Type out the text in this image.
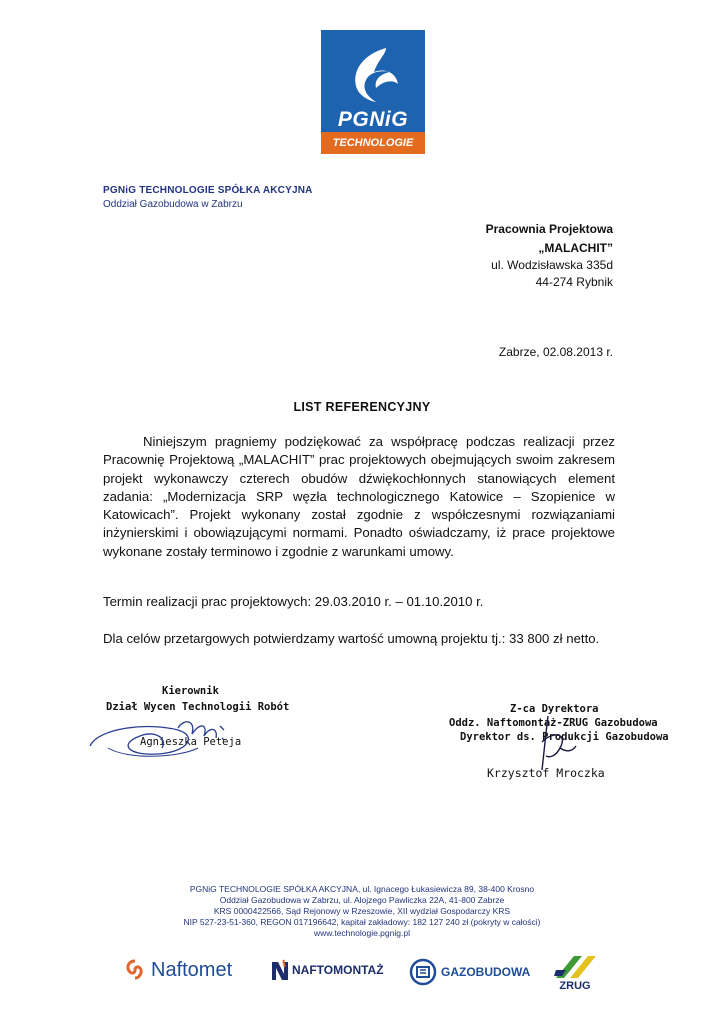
PGNiG
TECHNOLOGIE
PGNiG TECHNOLOGIE SPÓŁKA AKCYJNA
Oddział Gazobudowa w Zabrzu
Pracownia Projektowa
„MALACHIT”
ul. Wodzisławska 335d
44-274 Rybnik
Zabrze, 02.08.2013 r.
LIST REFERENCYJNY

Niniejszym pragniemy podziękować za współpracę podczas realizacji przez Pracownię Projektową „MALACHIT” prac projektowych obejmujących swoim zakresem projekt wykonawczy czterech obudów dźwiękochłonnych stanowiących element zadania: „Modernizacja SRP węzła technologicznego Katowice – Szopienice w Katowicach”. Projekt wykonany został zgodnie z współczesnymi rozwiązaniami inżynierskimi i obowiązującymi normami. Ponadto oświadczamy, iż prace projektowe wykonane zostały terminowo i zgodnie z warunkami umowy.

Termin realizacji prac projektowych: 29.03.2010 r. – 01.10.2010 r.
Dla celów przetargowych potwierdzamy wartość umowną projektu tj.: 33 800 zł netto.
Kierownik
Dział Wycen Technologii Robót
Agnieszka Peteja
Z-ca Dyrektora
Oddz. Naftomontaż-ZRUG Gazobudowa
Dyrektor ds. Produkcji Gazobudowa
Krzysztof Mroczka
PGNiG TECHNOLOGIE SPÓŁKA AKCYJNA, ul. Ignacego Łukasiewicza 89, 38-400 Krosno
Oddział Gazobudowa w Zabrzu, ul. Alojzego Pawliczka 22A, 41-800 Zabrze
KRS 0000422566, Sąd Rejonowy w Rzeszowie, XII wydział Gospodarczy KRS
NIP 527-23-51-360, REGON 017196642, kapitał zakładowy: 182 127 240 zł (pokryty w całości)
www.technologie.pgnig.pl
Naftomet	NAFTOMONTAŻ	GAZOBUDOWA
ZRUG
